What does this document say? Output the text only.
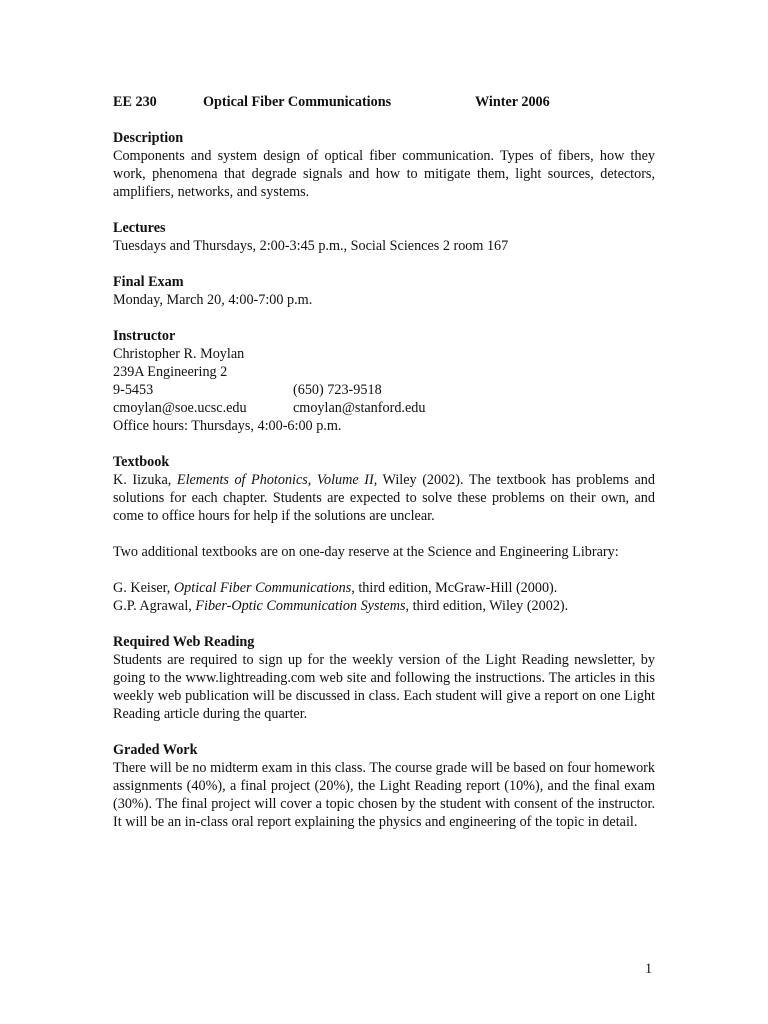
EE 230	Optical Fiber Communications	Winter 2006
Description
Components and system design of optical fiber communication. Types of fibers, how they work, phenomena that degrade signals and how to mitigate them, light sources, detectors, amplifiers, networks, and systems.
Lectures
Tuesdays and Thursdays, 2:00-3:45 p.m., Social Sciences 2 room 167
Final Exam
Monday, March 20, 4:00-7:00 p.m.
Instructor
Christopher R. Moylan
239A Engineering 2
9-5453	(650) 723-9518
cmoylan@soe.ucsc.edu	cmoylan@stanford.edu
Office hours: Thursdays, 4:00-6:00 p.m.
Textbook
K. Iizuka, Elements of Photonics, Volume II, Wiley (2002). The textbook has problems and solutions for each chapter. Students are expected to solve these problems on their own, and come to office hours for help if the solutions are unclear.
Two additional textbooks are on one-day reserve at the Science and Engineering Library:
G. Keiser, Optical Fiber Communications, third edition, McGraw-Hill (2000).
G.P. Agrawal, Fiber-Optic Communication Systems, third edition, Wiley (2002).
Required Web Reading
Students are required to sign up for the weekly version of the Light Reading newsletter, by going to the www.lightreading.com web site and following the instructions. The articles in this weekly web publication will be discussed in class. Each student will give a report on one Light Reading article during the quarter.
Graded Work
There will be no midterm exam in this class. The course grade will be based on four homework assignments (40%), a final project (20%), the Light Reading report (10%), and the final exam (30%). The final project will cover a topic chosen by the student with consent of the instructor. It will be an in-class oral report explaining the physics and engineering of the topic in detail.
1
